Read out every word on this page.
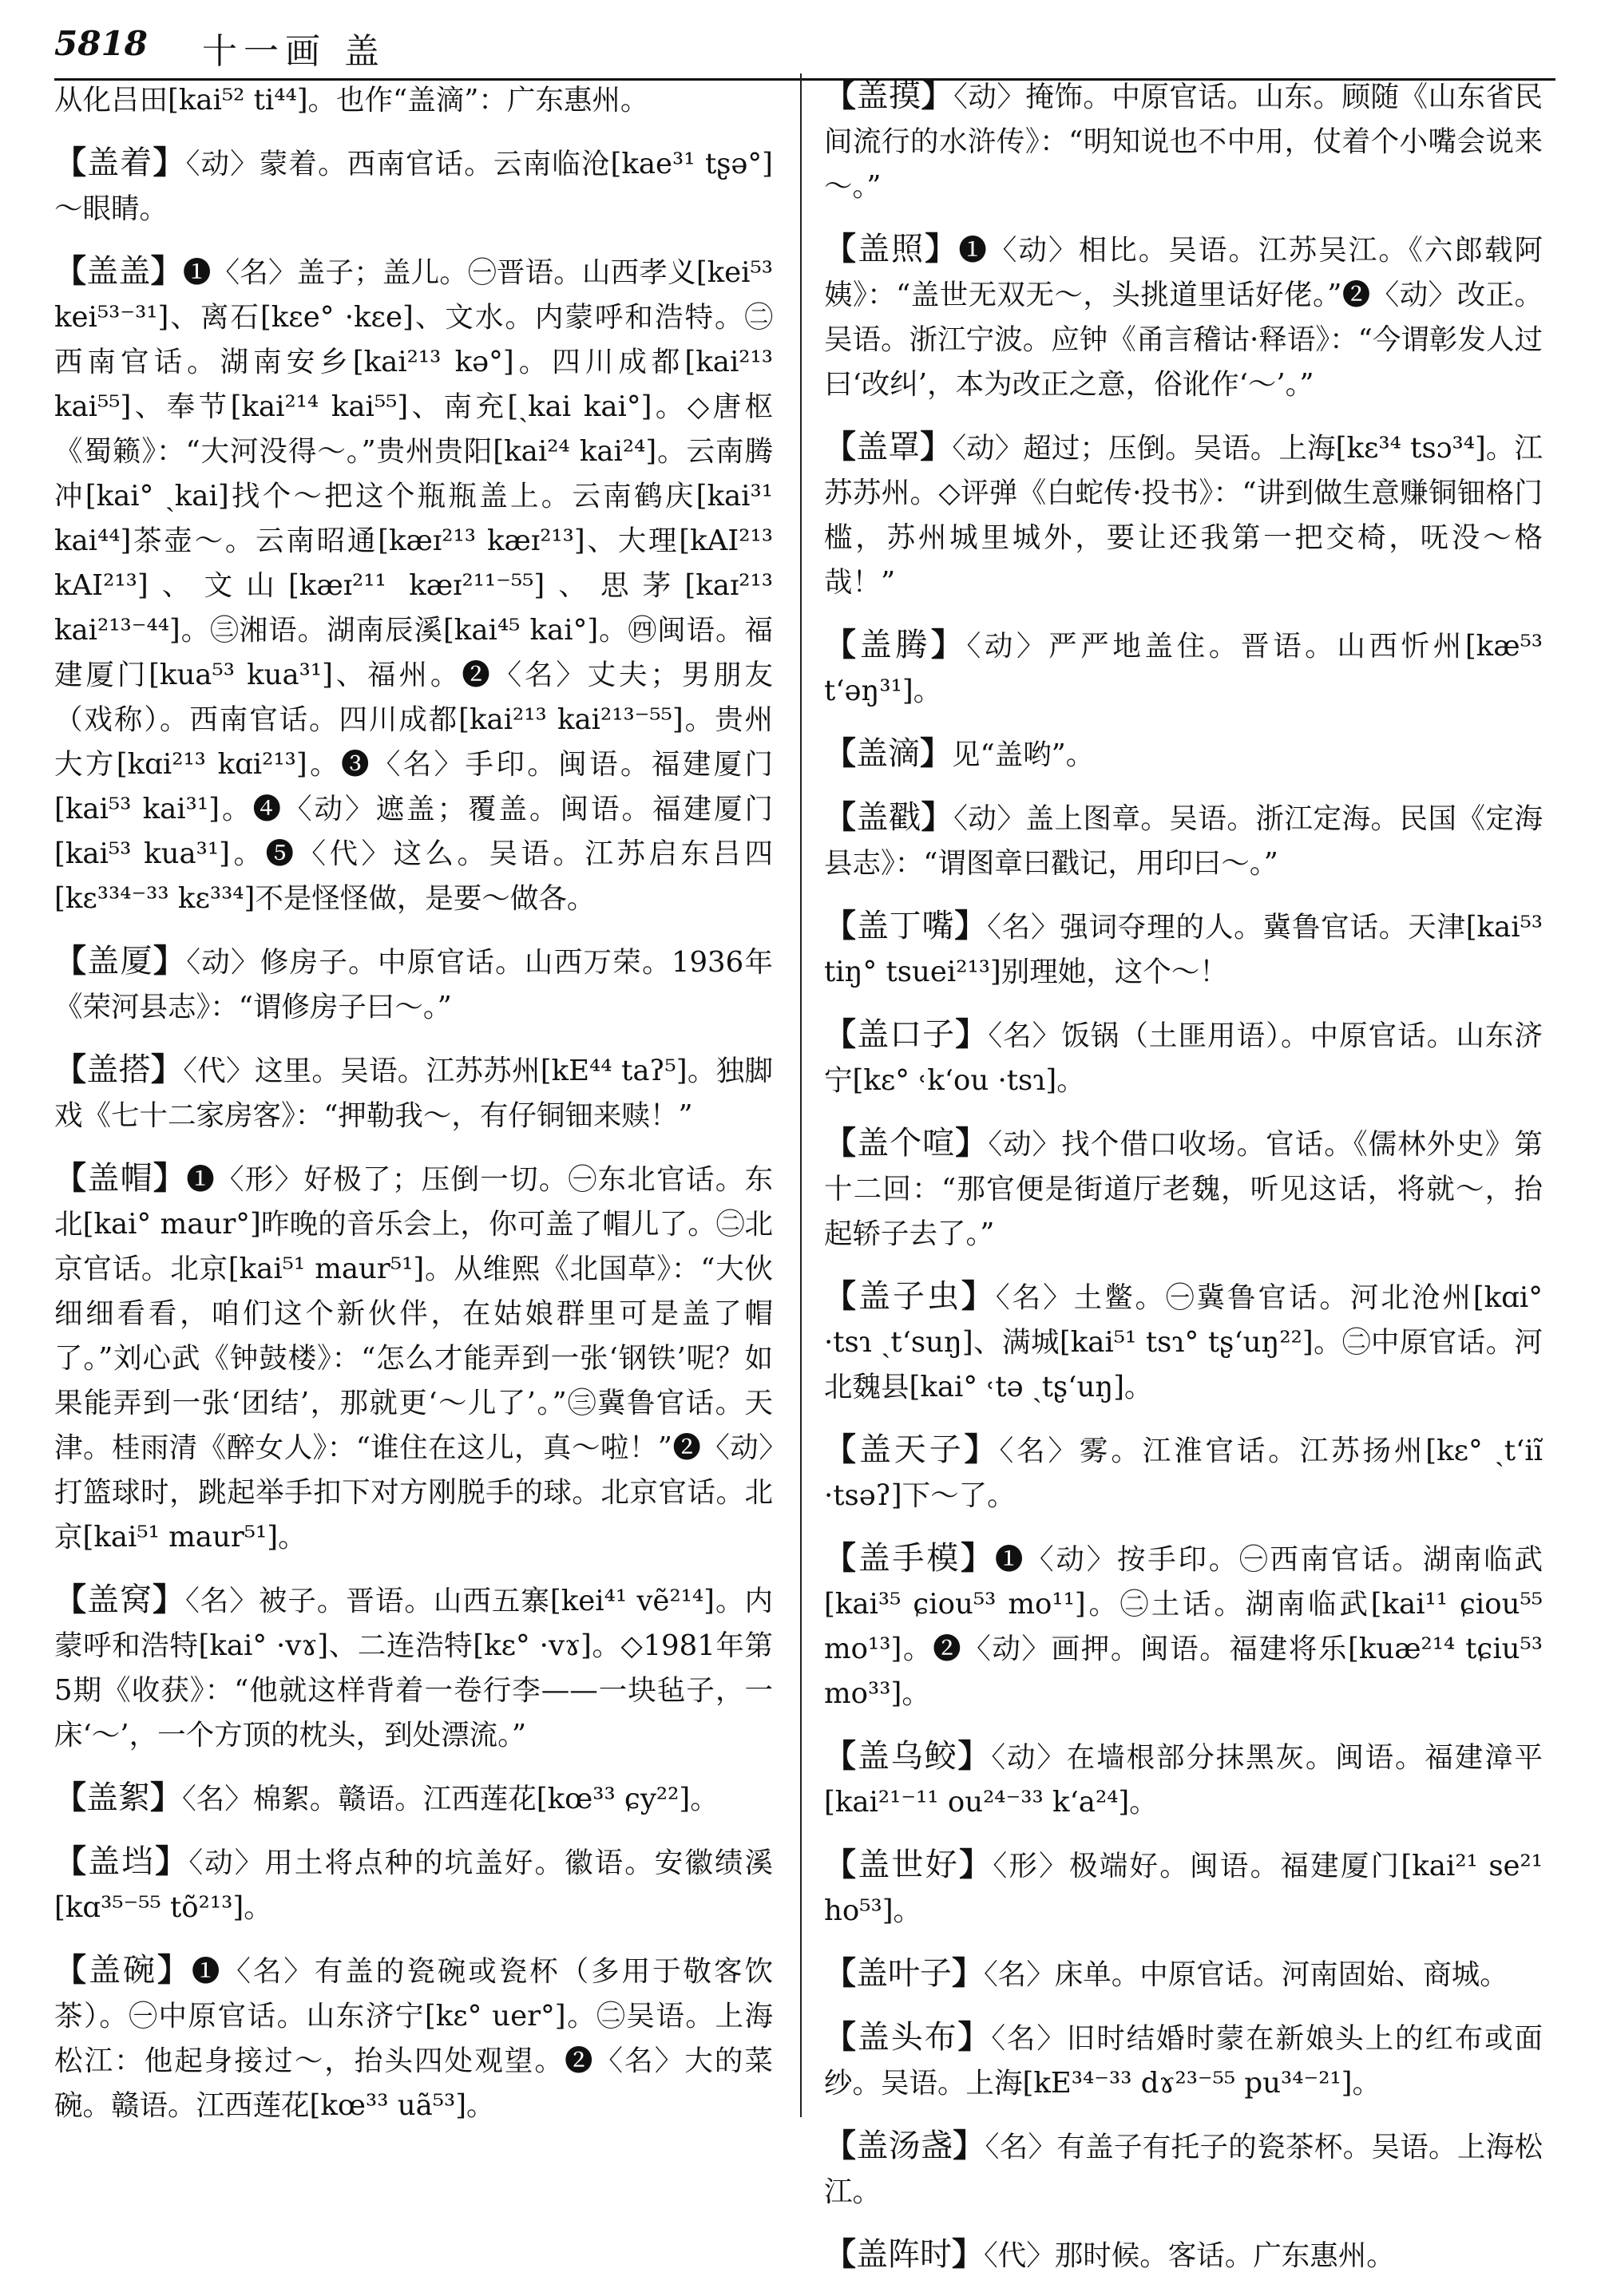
5818 十一画 盖

从化吕田[kai⁵² ti⁴⁴]。也作“盖滴”：广东惠州。

【盖着】〈动〉蒙着。西南官话。云南临沧[kae³¹ tʂə°]～眼睛。

【盖盖】❶〈名〉盖子；盖儿。㊀晋语。山西孝义[kei⁵³ kei⁵³⁻³¹]、离石[kɛe° ·kɛe]、文水。内蒙呼和浩特。㊁西南官话。湖南安乡[kai²¹³ kə°]。四川成都[kai²¹³ kai⁵⁵]、奉节[kai²¹⁴ kai⁵⁵]、南充[ˎkai kai°]。◇唐枢《蜀籁》：“大河没得～。”贵州贵阳[kai²⁴ kai²⁴]。云南腾冲[kai° ˎkai]找个～把这个瓶瓶盖上。云南鹤庆[kai³¹ kai⁴⁴]茶壶～。云南昭通[kæɪ²¹³ kæɪ²¹³]、大理[kAI²¹³ kAI²¹³]、文山[kæɪ²¹¹ kæɪ²¹¹⁻⁵⁵]、思茅[kaɪ²¹³ kai²¹³⁻⁴⁴]。㊂湘语。湖南辰溪[kai⁴⁵ kai°]。㊃闽语。福建厦门[kua⁵³ kua³¹]、福州。❷〈名〉丈夫；男朋友（戏称）。西南官话。四川成都[kai²¹³ kai²¹³⁻⁵⁵]。贵州大方[kɑi²¹³ kɑi²¹³]。❸〈名〉手印。闽语。福建厦门[kai⁵³ kai³¹]。❹〈动〉遮盖；覆盖。闽语。福建厦门[kai⁵³ kua³¹]。❺〈代〉这么。吴语。江苏启东吕四[kɛ³³⁴⁻³³ kɛ³³⁴]不是怪怪做，是要～做各。

【盖厦】〈动〉修房子。中原官话。山西万荣。1936年《荣河县志》：“谓修房子曰～。”

【盖搭】〈代〉这里。吴语。江苏苏州[kE⁴⁴ taʔ⁵]。独脚戏《七十二家房客》：“押勒我～，有仔铜钿来赎！”

【盖帽】❶〈形〉好极了；压倒一切。㊀东北官话。东北[kai° maur°]昨晚的音乐会上，你可盖了帽儿了。㊁北京官话。北京[kai⁵¹ maur⁵¹]。从维熙《北国草》：“大伙细细看看，咱们这个新伙伴，在姑娘群里可是盖了帽了。”刘心武《钟鼓楼》：“怎么才能弄到一张‘钢铁’呢？如果能弄到一张‘团结’，那就更‘～儿了’。”㊂冀鲁官话。天津。桂雨清《醉女人》：“谁住在这儿，真～啦！”❷〈动〉打篮球时，跳起举手扣下对方刚脱手的球。北京官话。北京[kai⁵¹ maur⁵¹]。

【盖窝】〈名〉被子。晋语。山西五寨[kei⁴¹ vẽ²¹⁴]。内蒙呼和浩特[kai° ·vɤ]、二连浩特[kɛ° ·vɤ]。◇1981年第5期《收获》：“他就这样背着一卷行李——一块毡子，一床‘～’，一个方顶的枕头，到处漂流。”

【盖絮】〈名〉棉絮。赣语。江西莲花[kœ³³ ɕy²²]。

【盖垱】〈动〉用土将点种的坑盖好。徽语。安徽绩溪[kɑ³⁵⁻⁵⁵ tõ²¹³]。

【盖碗】❶〈名〉有盖的瓷碗或瓷杯（多用于敬客饮茶）。㊀中原官话。山东济宁[kɛ° uer°]。㊁吴语。上海松江：他起身接过～，抬头四处观望。❷〈名〉大的菜碗。赣语。江西莲花[kœ³³ uã⁵³]。

【盖摸】〈动〉掩饰。中原官话。山东。顾随《山东省民间流行的水浒传》：“明知说也不中用，仗着个小嘴会说来～。”

【盖照】❶〈动〉相比。吴语。江苏吴江。《六郎载阿姨》：“盖世无双无～，头挑道里话好佬。”❷〈动〉改正。吴语。浙江宁波。应钟《甬言稽诂·释语》：“今谓彰发人过曰‘改纠’，本为改正之意，俗讹作‘～’。”

【盖罩】〈动〉超过；压倒。吴语。上海[kɛ³⁴ tsɔ³⁴]。江苏苏州。◇评弹《白蛇传·投书》：“讲到做生意赚铜钿格门槛，苏州城里城外，要让还我第一把交椅，呒没～格哉！”

【盖腾】〈动〉严严地盖住。晋语。山西忻州[kæ⁵³ t‘əŋ³¹]。

【盖滴】见“盖哟”。

【盖戳】〈动〉盖上图章。吴语。浙江定海。民国《定海县志》：“谓图章曰戳记，用印曰～。”

【盖丁嘴】〈名〉强词夺理的人。冀鲁官话。天津[kai⁵³ tiŋ° tsuei²¹³]别理她，这个～！

【盖口子】〈名〉饭锅（土匪用语）。中原官话。山东济宁[kɛ° ˓k‘ou ·tsɿ]。

【盖个喧】〈动〉找个借口收场。官话。《儒林外史》第十二回：“那官便是街道厅老魏，听见这话，将就～，抬起轿子去了。”

【盖子虫】〈名〉土鳖。㊀冀鲁官话。河北沧州[kɑi° ·tsɿ ˏt‘suŋ]、满城[kai⁵¹ tsɿ° tʂ‘uŋ²²]。㊁中原官话。河北魏县[kai° ˓tə ˏtʂ‘uŋ]。

【盖天子】〈名〉雾。江淮官话。江苏扬州[kɛ° ˏt‘iĩ ·tsəʔ]下～了。

【盖手模】❶〈动〉按手印。㊀西南官话。湖南临武[kai³⁵ ɕiou⁵³ mo¹¹]。㊁土话。湖南临武[kai¹¹ ɕiou⁵⁵ mo¹³]。❷〈动〉画押。闽语。福建将乐[kuæ²¹⁴ tɕiu⁵³ mo³³]。

【盖乌鲛】〈动〉在墙根部分抹黑灰。闽语。福建漳平[kai²¹⁻¹¹ ou²⁴⁻³³ k‘a²⁴]。

【盖世好】〈形〉极端好。闽语。福建厦门[kai²¹ se²¹ ho⁵³]。

【盖叶子】〈名〉床单。中原官话。河南固始、商城。

【盖头布】〈名〉旧时结婚时蒙在新娘头上的红布或面纱。吴语。上海[kE³⁴⁻³³ dɤ²³⁻⁵⁵ pu³⁴⁻²¹]。

【盖汤盏】〈名〉有盖子有托子的瓷茶杯。吴语。上海松江。

【盖阵时】〈代〉那时候。客话。广东惠州。
